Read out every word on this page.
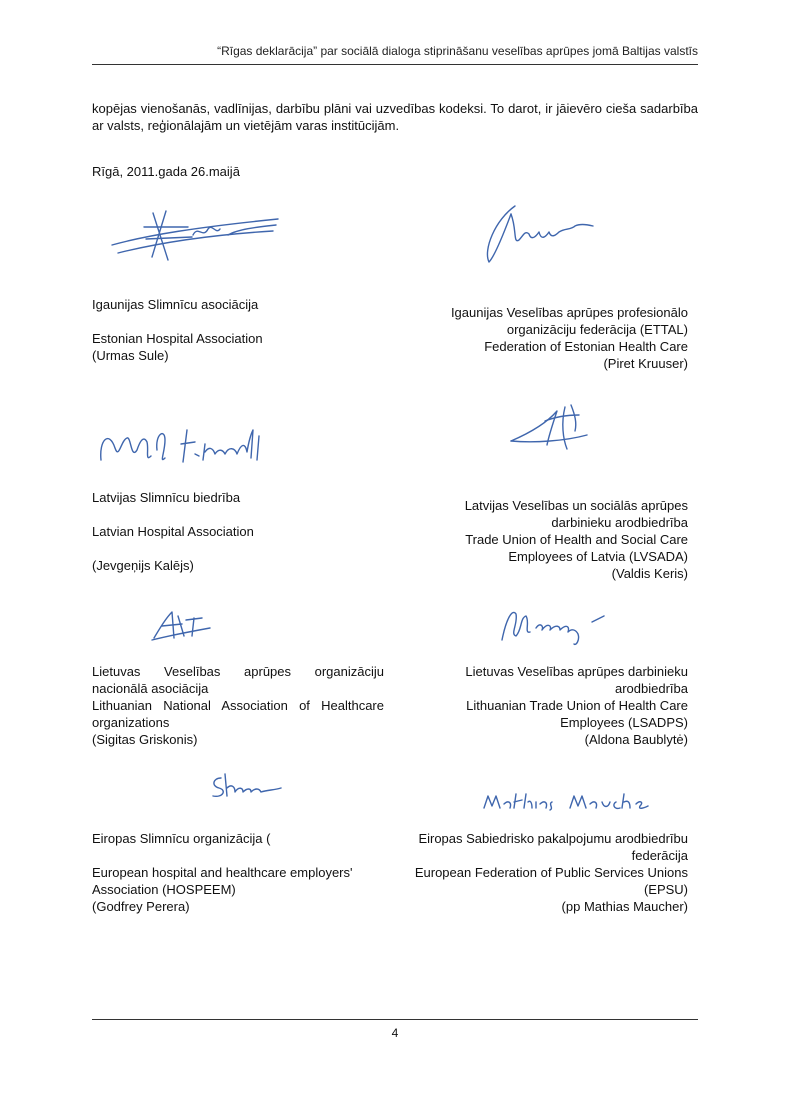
“Rīgas deklarācija” par sociālā dialoga stiprināšanu veselības aprūpes jomā Baltijas valstīs
kopējas vienošanās, vadlīnijas, darbību plāni vai uzvedības kodeksi. To darot, ir jāievēro cieša sadarbība ar valsts, reģionālajām un vietējām varas institūcijām.
Rīgā, 2011.gada 26.maijā
Igaunijas Slimnīcu asociācija
Estonian Hospital Association
(Urmas Sule)
Igaunijas Veselības aprūpes profesionālo
organizāciju federācija (ETTAL)
Federation of Estonian Health Care
(Piret Kruuser)
Latvijas Slimnīcu biedrība
Latvian Hospital Association
(Jevgeņijs Kalējs)
Latvijas Veselības un sociālās aprūpes
darbinieku arodbiedrība
Trade Union of Health and Social Care
Employees of Latvia (LVSADA)
(Valdis Keris)
Lietuvas Veselības aprūpes organizāciju
nacionālā asociācija
Lithuanian National Association of Healthcare
organizations
(Sigitas Griskonis)
Lietuvas Veselības aprūpes darbinieku
arodbiedrība
Lithuanian Trade Union of Health Care
Employees (LSADPS)
(Aldona Baublytė)
Eiropas Slimnīcu organizācija (
European hospital and healthcare employers'
Association (HOSPEEM)
(Godfrey Perera)
Eiropas Sabiedrisko pakalpojumu arodbiedrību
federācija
European Federation of Public Services Unions
(EPSU)
(pp Mathias Maucher)
4
